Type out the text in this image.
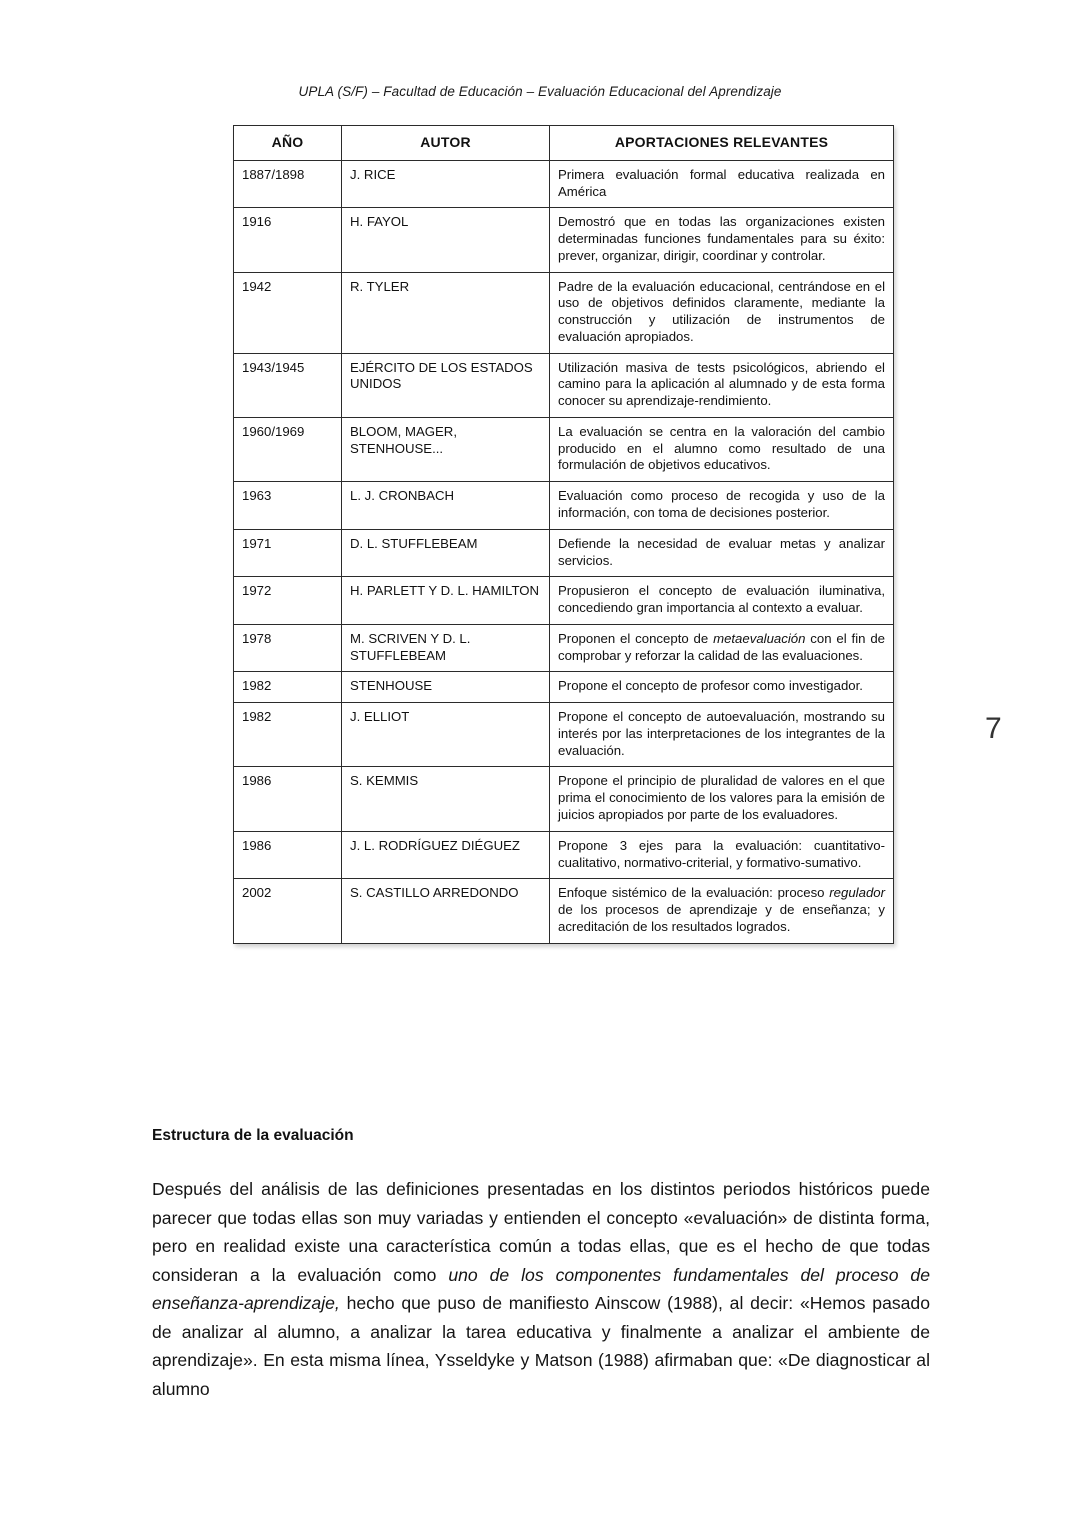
UPLA (S/F) – Facultad de Educación – Evaluación Educacional del Aprendizaje
7
AÑO	AUTOR	APORTACIONES RELEVANTES
1887/1898	J. RICE	Primera evaluación formal educativa realizada en América
1916	H. FAYOL	Demostró que en todas las organizaciones existen determinadas funciones fundamentales para su éxito: prever, organizar, dirigir, coordinar y controlar.
1942	R. TYLER	Padre de la evaluación educacional, centrándose en el uso de objetivos definidos claramente, mediante la construcción y utilización de instrumentos de evaluación apropiados.
1943/1945	EJÉRCITO DE LOS ESTADOS UNIDOS	Utilización masiva de tests psicológicos, abriendo el camino para la aplicación al alumnado y de esta forma conocer su aprendizaje-rendimiento.
1960/1969	BLOOM, MAGER, STENHOUSE...	La evaluación se centra en la valoración del cambio producido en el alumno como resultado de una formulación de objetivos educativos.
1963	L. J. CRONBACH	Evaluación como proceso de recogida y uso de la información, con toma de decisiones posterior.
1971	D. L. STUFFLEBEAM	Defiende la necesidad de evaluar metas y analizar servicios.
1972	H. PARLETT Y D. L. HAMILTON	Propusieron el concepto de evaluación iluminativa, concediendo gran importancia al contexto a evaluar.
1978	M. SCRIVEN Y D. L. STUFFLEBEAM	Proponen el concepto de metaevaluación con el fin de comprobar y reforzar la calidad de las evaluaciones.
1982	STENHOUSE	Propone el concepto de profesor como investigador.
1982	J. ELLIOT	Propone el concepto de autoevaluación, mostrando su interés por las interpretaciones de los integrantes de la evaluación.
1986	S. KEMMIS	Propone el principio de pluralidad de valores en el que prima el conocimiento de los valores para la emisión de juicios apropiados por parte de los evaluadores.
1986	J. L. RODRÍGUEZ DIÉGUEZ	Propone 3 ejes para la evaluación: cuantitativo-cualitativo, normativo-criterial, y formativo-sumativo.
2002	S. CASTILLO ARREDONDO	Enfoque sistémico de la evaluación: proceso regulador de los procesos de aprendizaje y de enseñanza; y acreditación de los resultados logrados.
Estructura de la evaluación
Después del análisis de las definiciones presentadas en los distintos periodos históricos puede parecer que todas ellas son muy variadas y entienden el concepto «evaluación» de distinta forma, pero en realidad existe una característica común a todas ellas, que es el hecho de que todas consideran a la evaluación como uno de los componentes fundamentales del proceso de enseñanza-aprendizaje, hecho que puso de manifiesto Ainscow (1988), al decir: «Hemos pasado de analizar al alumno, a analizar la tarea educativa y finalmente a analizar el ambiente de aprendizaje». En esta misma línea, Ysseldyke y Matson (1988) afirmaban que: «De diagnosticar al alumno
